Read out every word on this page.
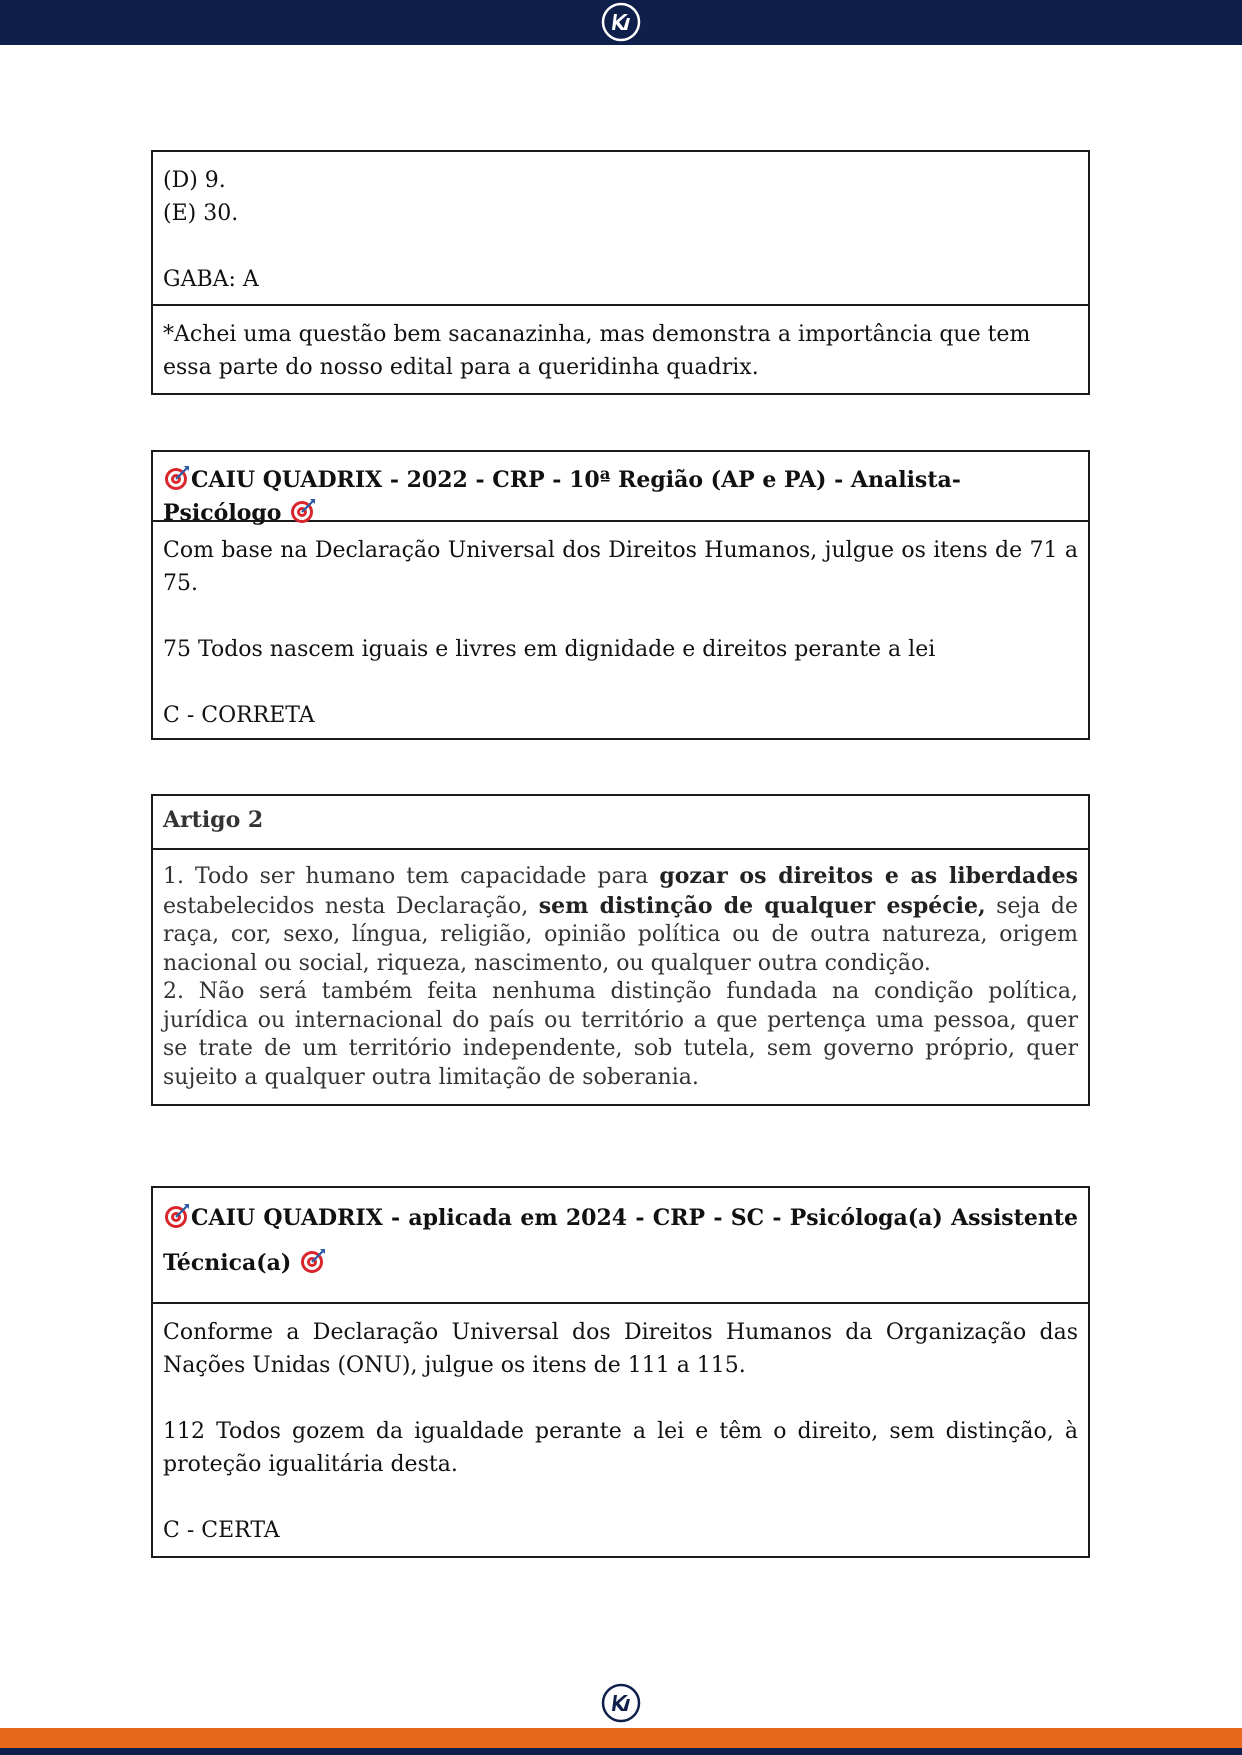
(D) 9.

(E) 30.

GABA: A

*Achei uma questão bem sacanazinha, mas demonstra a importância que tem essa parte do nosso edital para a queridinha quadrix.

CAIU QUADRIX - 2022 - CRP - 10ª Região (AP e PA) - Analista-Psicólogo

Com base na Declaração Universal dos Direitos Humanos, julgue os itens de 71 a 75.

75 Todos nascem iguais e livres em dignidade e direitos perante a lei

C - CORRETA

Artigo 2

1. Todo ser humano tem capacidade para gozar os direitos e as liberdades estabelecidos nesta Declaração, sem distinção de qualquer espécie, seja de raça, cor, sexo, língua, religião, opinião política ou de outra natureza, origem nacional ou social, riqueza, nascimento, ou qualquer outra condição.

2. Não será também feita nenhuma distinção fundada na condição política, jurídica ou internacional do país ou território a que pertença uma pessoa, quer se trate de um território independente, sob tutela, sem governo próprio, quer sujeito a qualquer outra limitação de soberania.

CAIU QUADRIX - aplicada em 2024 - CRP - SC - Psicóloga(a) Assistente Técnica(a)

Conforme a Declaração Universal dos Direitos Humanos da Organização das Nações Unidas (ONU), julgue os itens de 111 a 115.

112 Todos gozem da igualdade perante a lei e têm o direito, sem distinção, à proteção igualitária desta.

C - CERTA
